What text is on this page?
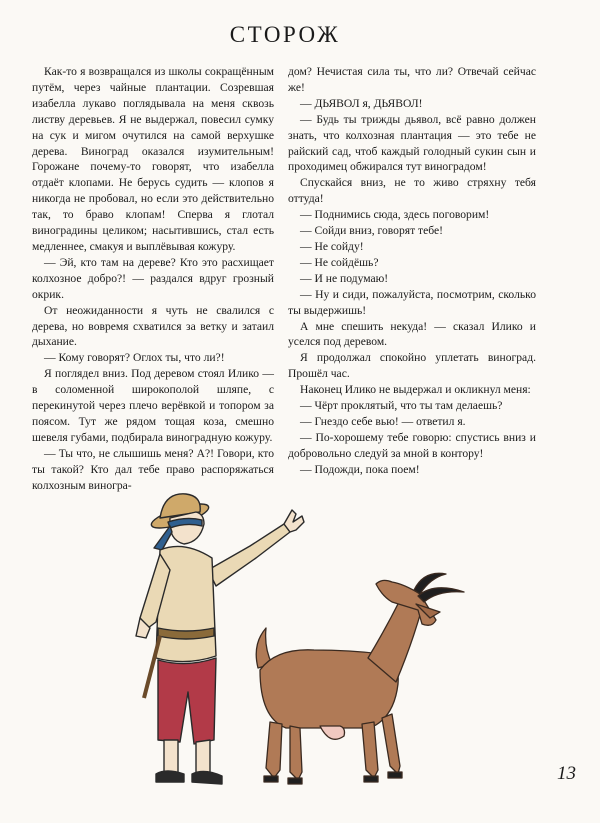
СТОРОЖ

Как-то я возвращался из школы сокращённым путём, через чайные плантации. Созревшая изабелла лукаво поглядывала на меня сквозь листву деревьев. Я не выдержал, повесил сумку на сук и мигом очутился на самой верхушке дерева. Виноград оказался изумительным! Горожане почему-то говорят, что изабелла отдаёт клопами. Не берусь судить — клопов я никогда не пробовал, но если это действительно так, то браво клопам! Сперва я глотал виноградины целиком; насытившись, стал есть медленнее, смакуя и выплёвывая кожуру.

— Эй, кто там на дереве? Кто это расхищает колхозное добро?! — раздался вдруг грозный окрик.

От неожиданности я чуть не свалился с дерева, но вовремя схватился за ветку и затаил дыхание.

— Кому говорят? Оглох ты, что ли?!

Я поглядел вниз. Под деревом стоял Илико — в соломенной широкополой шляпе, с перекинутой через плечо верёвкой и топором за поясом. Тут же рядом тощая коза, смешно шевеля губами, подбирала виноградную кожуру.

— Ты что, не слышишь меня? А?! Говори, кто ты такой? Кто дал тебе право распоряжаться колхозным виногра-

дом? Нечистая сила ты, что ли? Отвечай сейчас же!

— ДЬЯВОЛ я, ДЬЯВОЛ!

— Будь ты трижды дьявол, всё равно должен знать, что колхозная плантация — это тебе не райский сад, чтоб каждый голодный сукин сын и проходимец обжирался тут виноградом!

Спускайся вниз, не то живо стряхну тебя оттуда!

— Поднимись сюда, здесь поговорим!

— Сойди вниз, говорят тебе!

— Не сойду!

— Не сойдёшь?

— И не подумаю!

— Ну и сиди, пожалуйста, посмотрим, сколько ты выдержишь!

А мне спешить некуда! — сказал Илико и уселся под деревом.

Я продолжал спокойно уплетать виноград. Прошёл час.

Наконец Илико не выдержал и окликнул меня:

— Чёрт проклятый, что ты там делаешь?

— Гнездо себе вью! — ответил я.

— По-хорошему тебе говорю: спустись вниз и добровольно следуй за мной в контору!

— Подожди, пока поем!

13
